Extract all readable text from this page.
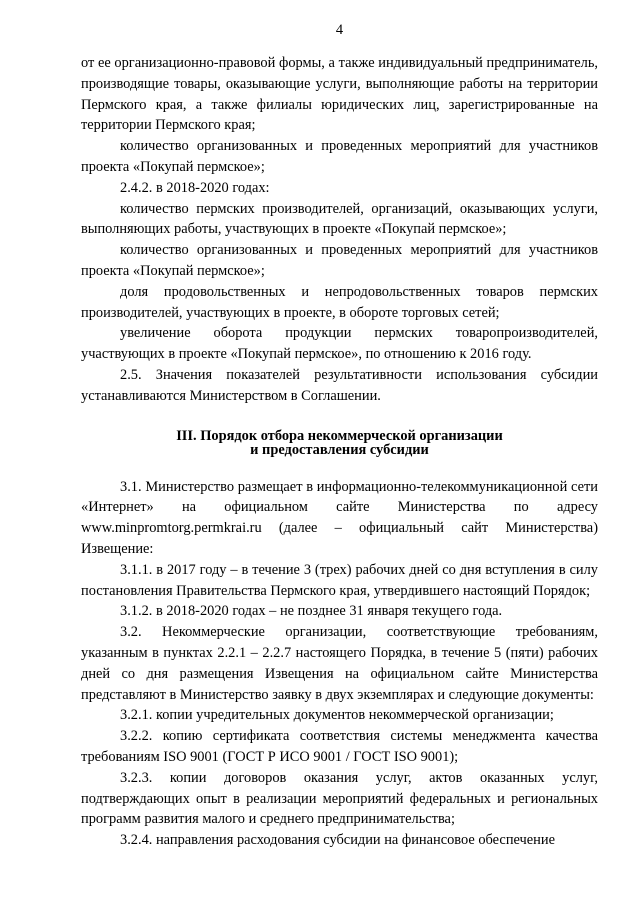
4

от ее организационно-правовой формы, а также индивидуальный предприниматель, производящие товары, оказывающие услуги, выполняющие работы на территории Пермского края, а также филиалы юридических лиц, зарегистрированные на территории Пермского края;

количество организованных и проведенных мероприятий для участников проекта «Покупай пермское»;

2.4.2. в 2018-2020 годах:

количество пермских производителей, организаций, оказывающих услуги, выполняющих работы, участвующих в проекте «Покупай пермское»;

количество организованных и проведенных мероприятий для участников проекта «Покупай пермское»;

доля продовольственных и непродовольственных товаров пермских производителей, участвующих в проекте, в обороте торговых сетей;

увеличение оборота продукции пермских товаропроизводителей, участвующих в проекте «Покупай пермское», по отношению к 2016 году.

2.5. Значения показателей результативности использования субсидии устанавливаются Министерством в Соглашении.

III. Порядок отбора некоммерческой организации
и предоставления субсидии

3.1. Министерство размещает в информационно-телекоммуникационной сети «Интернет» на официальном сайте Министерства по адресу www.minpromtorg.permkrai.ru (далее – официальный сайт Министерства) Извещение:

3.1.1. в 2017 году – в течение 3 (трех) рабочих дней со дня вступления в силу постановления Правительства Пермского края, утвердившего настоящий Порядок;

3.1.2. в 2018-2020 годах – не позднее 31 января текущего года.

3.2. Некоммерческие организации, соответствующие требованиям, указанным в пунктах 2.2.1 – 2.2.7 настоящего Порядка, в течение 5 (пяти) рабочих дней со дня размещения Извещения на официальном сайте Министерства представляют в Министерство заявку в двух экземплярах и следующие документы:

3.2.1. копии учредительных документов некоммерческой организации;

3.2.2. копию сертификата соответствия системы менеджмента качества требованиям ISO 9001 (ГОСТ Р ИСО 9001 / ГОСТ ISO 9001);

3.2.3. копии договоров оказания услуг, актов оказанных услуг, подтверждающих опыт в реализации мероприятий федеральных и региональных программ развития малого и среднего предпринимательства;

3.2.4. направления расходования субсидии на финансовое обеспечение
